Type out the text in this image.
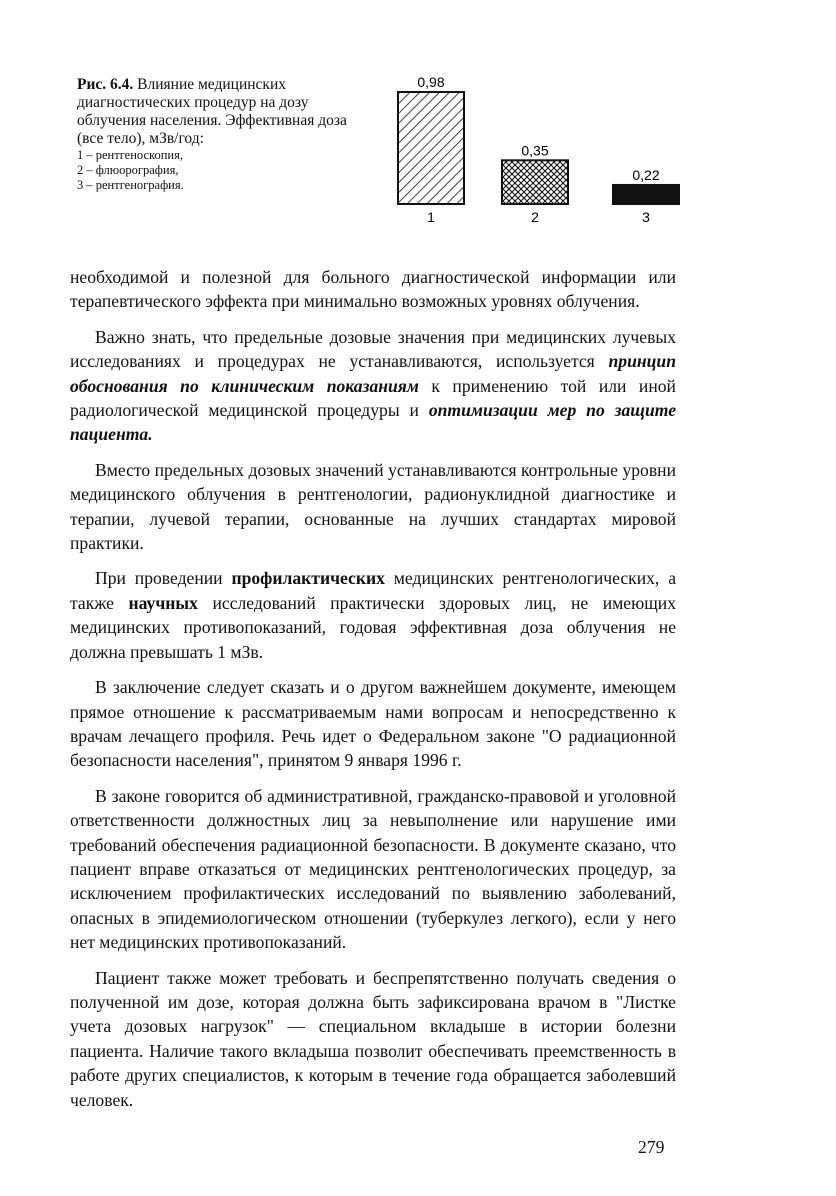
Рис. 6.4. Влияние медицинских диагностических процедур на дозу облучения населения. Эффективная доза (все тело), мЗв/год:
1 – рентгеноскопия,
2 – флюорография,
3 – рентгенография.
0,98
1
0,35
2
0,22
3

необходимой и полезной для больного диагностической информации или терапевтического эффекта при минимально возможных уровнях облучения.

Важно знать, что предельные дозовые значения при медицинских лучевых исследованиях и процедурах не устанавливаются, используется принцип обоснования по клиническим показаниям к применению той или иной радиологической медицинской процедуры и оптимизации мер по защите пациента.

Вместо предельных дозовых значений устанавливаются контрольные уровни медицинского облучения в рентгенологии, радионуклидной диагностике и терапии, лучевой терапии, основанные на лучших стандартах мировой практики.

При проведении профилактических медицинских рентгенологических, а также научных исследований практически здоровых лиц, не имеющих медицинских противопоказаний, годовая эффективная доза облучения не должна превышать 1 мЗв.

В заключение следует сказать и о другом важнейшем документе, имеющем прямое отношение к рассматриваемым нами вопросам и непосредственно к врачам лечащего профиля. Речь идет о Федеральном законе "О радиационной безопасности населения", принятом 9 января 1996 г.

В законе говорится об административной, гражданско-правовой и уголовной ответственности должностных лиц за невыполнение или нарушение ими требований обеспечения радиационной безопасности. В документе сказано, что пациент вправе отказаться от медицинских рентгенологических процедур, за исключением профилактических исследований по выявлению заболеваний, опасных в эпидемиологическом отношении (туберкулез легкого), если у него нет медицинских противопоказаний.

Пациент также может требовать и беспрепятственно получать сведения о полученной им дозе, которая должна быть зафиксирована врачом в "Листке учета дозовых нагрузок" — специальном вкладыше в истории болезни пациента. Наличие такого вкладыша позволит обеспечивать преемственность в работе других специалистов, к которым в течение года обращается заболевший человек.

279
